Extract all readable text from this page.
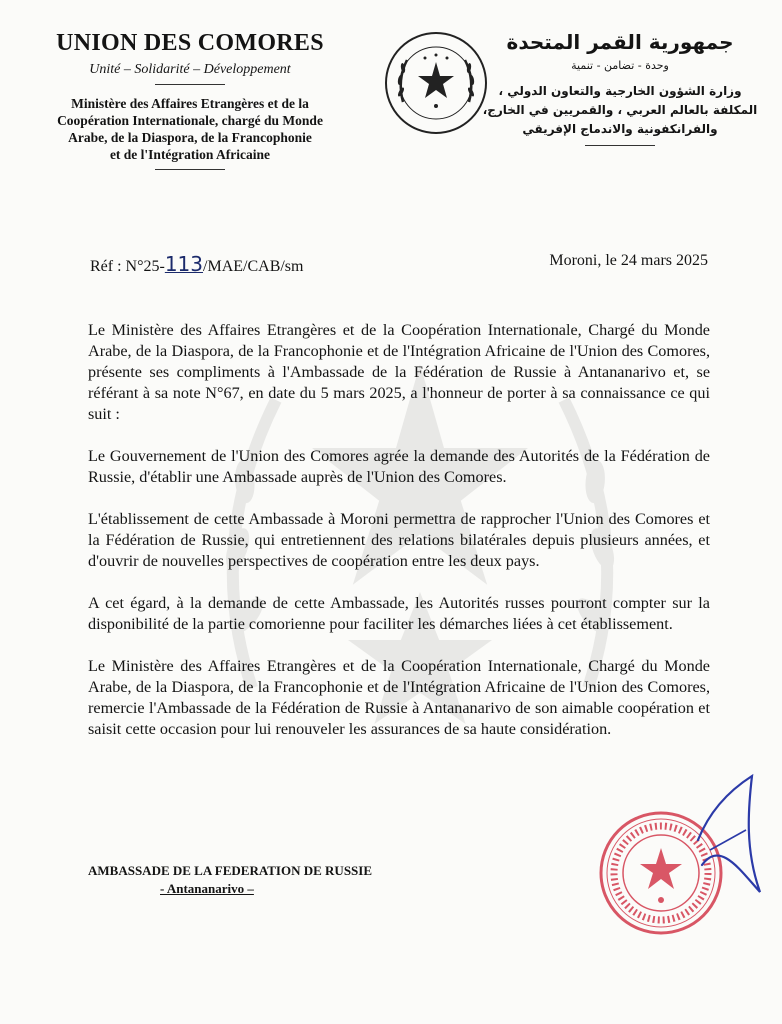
UNION DES COMORES
Unité – Solidarité – Développement
Ministère des Affaires Etrangères et de la
Coopération Internationale, chargé du Monde
Arabe, de la Diaspora, de la Francophonie
et de l'Intégration Africaine
جمهورية القمر المتحدة
وحدة - تضامن - تنمية
وزارة الشؤون الخارجية والتعاون الدولي ،
المكلفة بالعالم العربي ، والقمريين في الخارج،
والفرانكفونية والاندماج الإفريقي
Réf : N°25-113/MAE/CAB/sm	Moroni, le 24 mars 2025

Le Ministère des Affaires Etrangères et de la Coopération Internationale, Chargé du Monde Arabe, de la Diaspora, de la Francophonie et de l'Intégration Africaine de l'Union des Comores, présente ses compliments à l'Ambassade de la Fédération de Russie à Antananarivo et, se référant à sa note N°67, en date du 5 mars 2025, a l'honneur de porter à sa connaissance ce qui suit :

Le Gouvernement de l'Union des Comores agrée la demande des Autorités de la Fédération de Russie, d'établir une Ambassade auprès de l'Union des Comores.

L'établissement de cette Ambassade à Moroni permettra de rapprocher l'Union des Comores et la Fédération de Russie, qui entretiennent des relations bilatérales depuis plusieurs années, et d'ouvrir de nouvelles perspectives de coopération entre les deux pays.

A cet égard, à la demande de cette Ambassade, les Autorités russes pourront compter sur la disponibilité de la partie comorienne pour faciliter les démarches liées à cet établissement.

Le Ministère des Affaires Etrangères et de la Coopération Internationale, Chargé du Monde Arabe, de la Diaspora, de la Francophonie et de l'Intégration Africaine de l'Union des Comores, remercie l'Ambassade de la Fédération de Russie à Antananarivo de son aimable coopération et saisit cette occasion pour lui renouveler les assurances de sa haute considération.

AMBASSADE DE LA FEDERATION DE RUSSIE
- Antananarivo –
